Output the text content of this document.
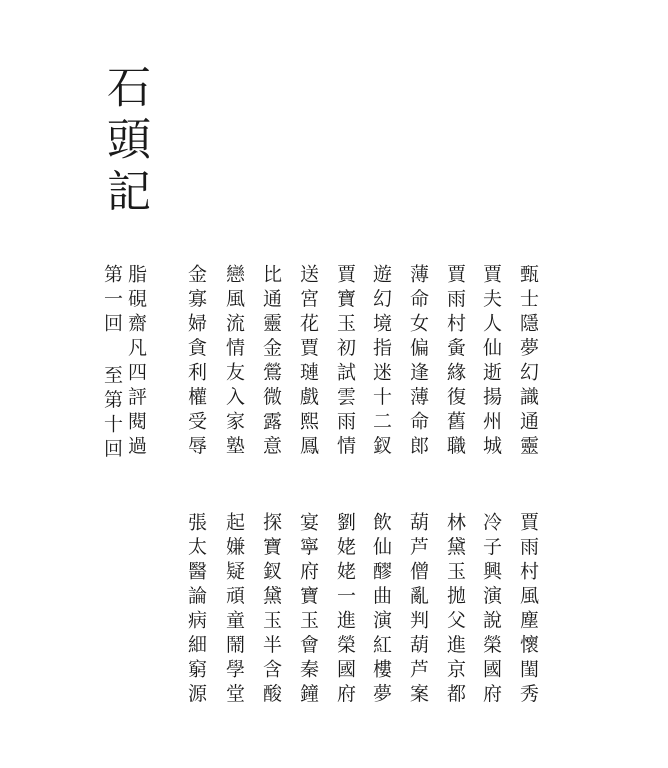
石頭記
脂硯齋凡四評閱過
第一回 至第十回	甄士隱夢幻識通靈
賈雨村風塵懷閨秀
賈夫人仙逝揚州城
冷子興演說榮國府
賈雨村夤緣復舊職
林黛玉拋父進京都
薄命女偏逢薄命郎
葫芦僧亂判葫芦案
遊幻境指迷十二釵
飲仙醪曲演紅樓夢
賈寶玉初試雲雨情
劉姥姥一進榮國府
送宮花賈璉戲熙鳳
宴寧府寶玉會秦鐘
比通靈金鶯微露意
探寶釵黛玉半含酸
戀風流情友入家塾
起嫌疑頑童鬧學堂
金寡婦貪利權受辱
張太醫論病細窮源
